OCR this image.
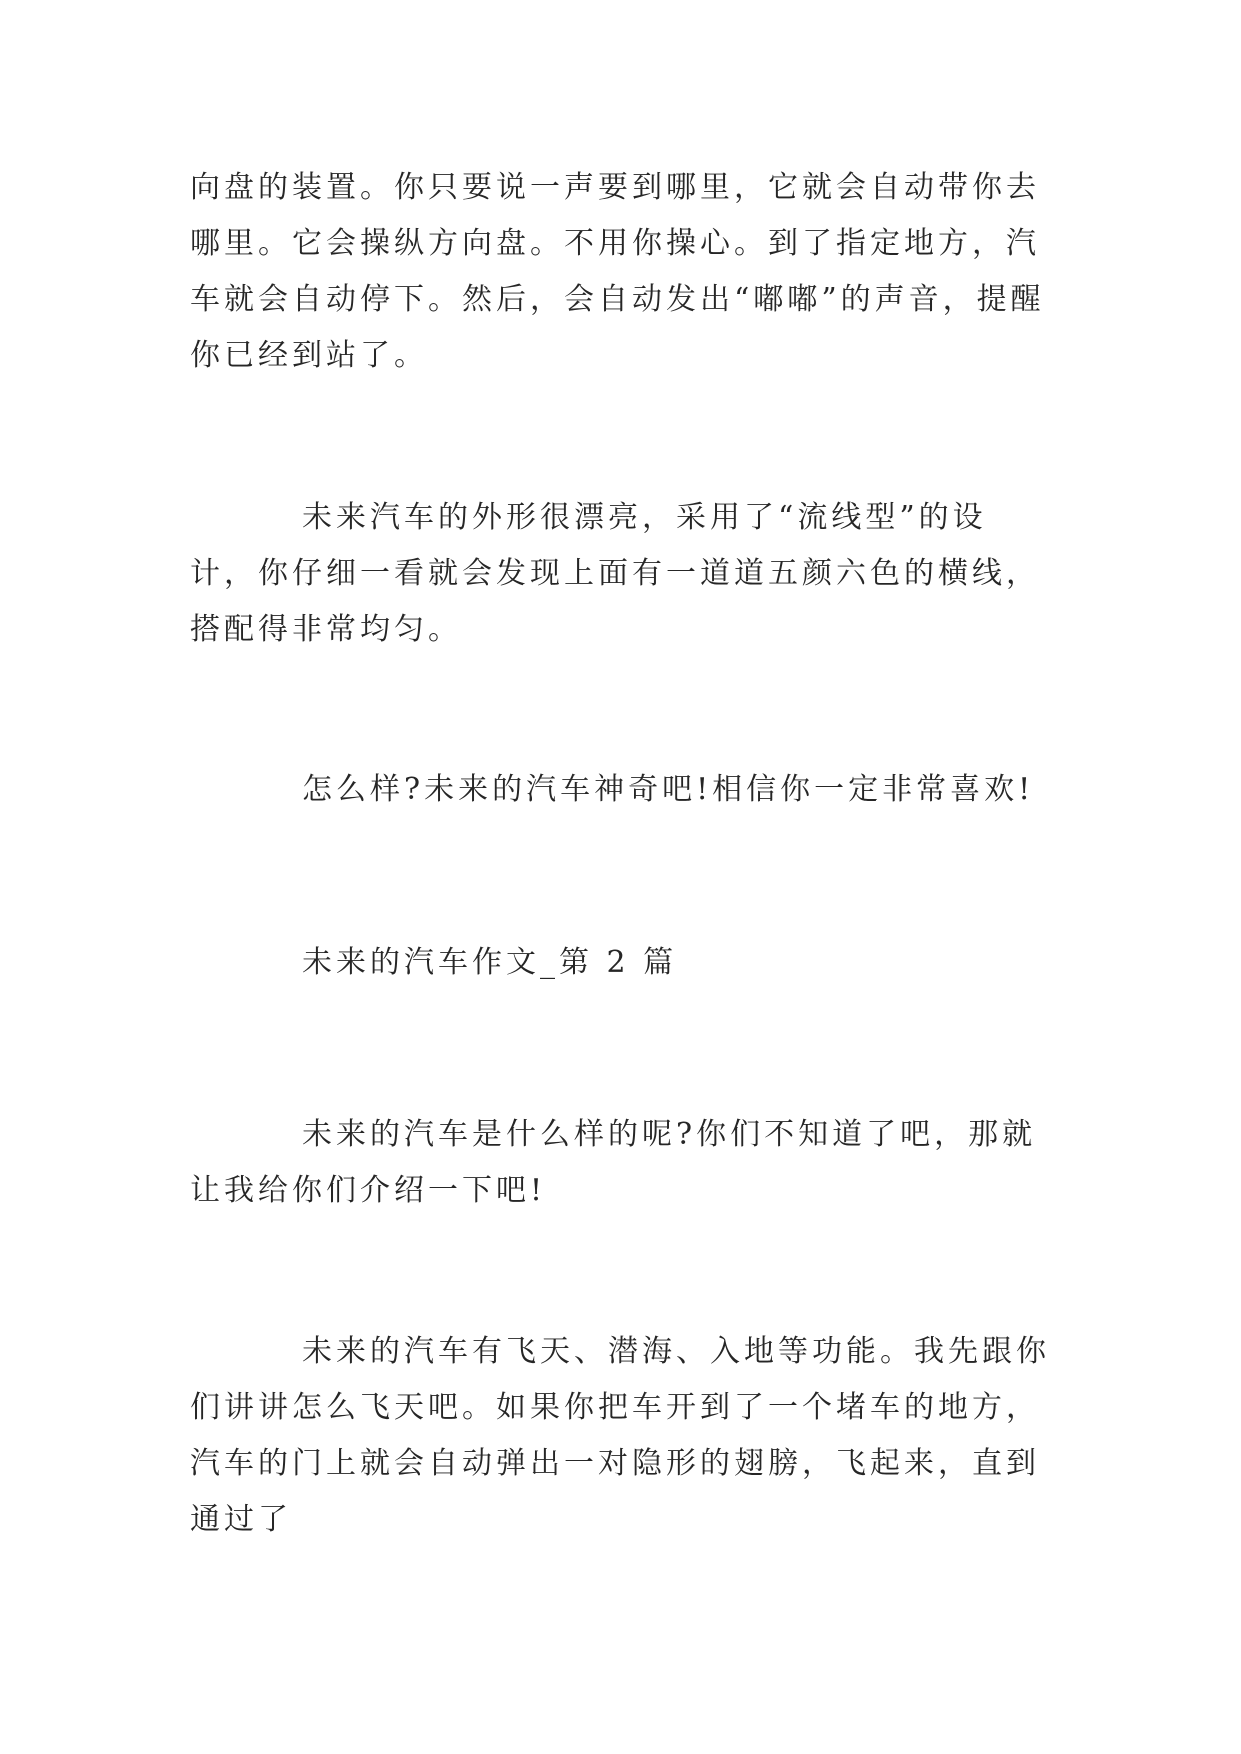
向盘的装置。你只要说一声要到哪里，它就会自动带你去哪里。它会操纵方向盘。不用你操心。到了指定地方，汽车就会自动停下。然后，会自动发出“嘟嘟”的声音，提醒你已经到站了。

未来汽车的外形很漂亮，采用了“流线型”的设计，你仔细一看就会发现上面有一道道五颜六色的横线，搭配得非常均匀。

怎么样?未来的汽车神奇吧!相信你一定非常喜欢!

未来的汽车作文_第 2 篇

未来的汽车是什么样的呢?你们不知道了吧，那就让我给你们介绍一下吧!

未来的汽车有飞天、潜海、入地等功能。我先跟你们讲讲怎么飞天吧。如果你把车开到了一个堵车的地方，汽车的门上就会自动弹出一对隐形的翅膀，飞起来，直到通过了
